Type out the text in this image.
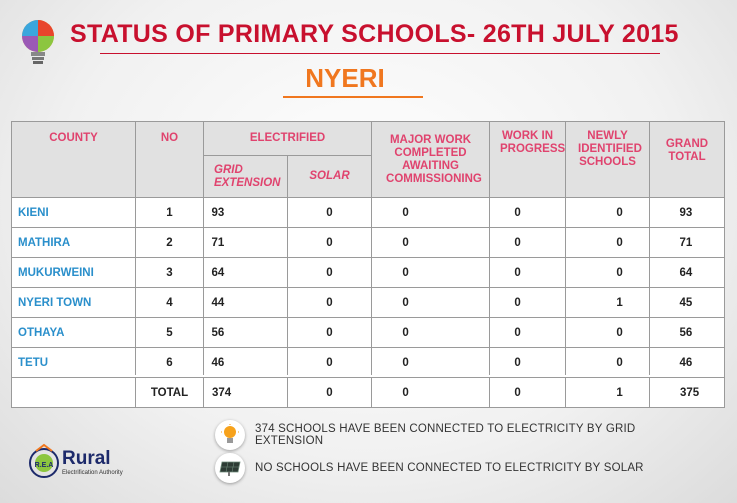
STATUS OF PRIMARY SCHOOLS- 26TH JULY 2015
NYERI
COUNTY	NO	ELECTRIFIED		MAJOR WORK COMPLETED AWAITING COMMISSIONING	WORK IN PROGRESS	NEWLY IDENTIFIED SCHOOLS	GRAND TOTAL
		GRID EXTENSION	SOLAR				
KIENI	1	93	0	0	0	0	93
MATHIRA	2	71	0	0	0	0	71
MUKURWEINI	3	64	0	0	0	0	64
NYERI TOWN	4	44	0	0	0	1	45
OTHAYA	5	56	0	0	0	0	56
TETU	6	46	0	0	0	0	46
	TOTAL	374	0	0	0	1	375
374 SCHOOLS HAVE BEEN CONNECTED TO ELECTRICITY BY GRID EXTENSION
NO SCHOOLS HAVE BEEN CONNECTED TO ELECTRICITY BY SOLAR
R.E.A Rural
Electrification Authority
